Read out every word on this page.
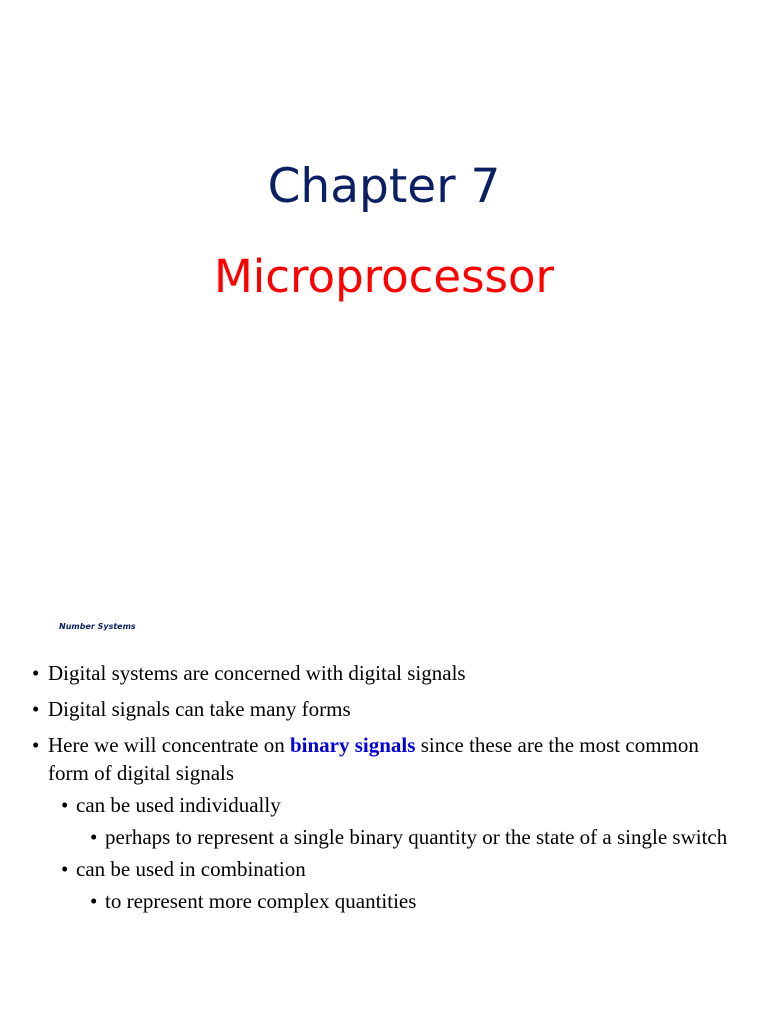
Chapter 7
Microprocessor
Number Systems
• Digital systems are concerned with digital signals
• Digital signals can take many forms
• Here we will concentrate on binary signals since these are the most common form of digital signals
• can be used individually
• perhaps to represent a single binary quantity or the state of a single switch
• can be used in combination
• to represent more complex quantities
